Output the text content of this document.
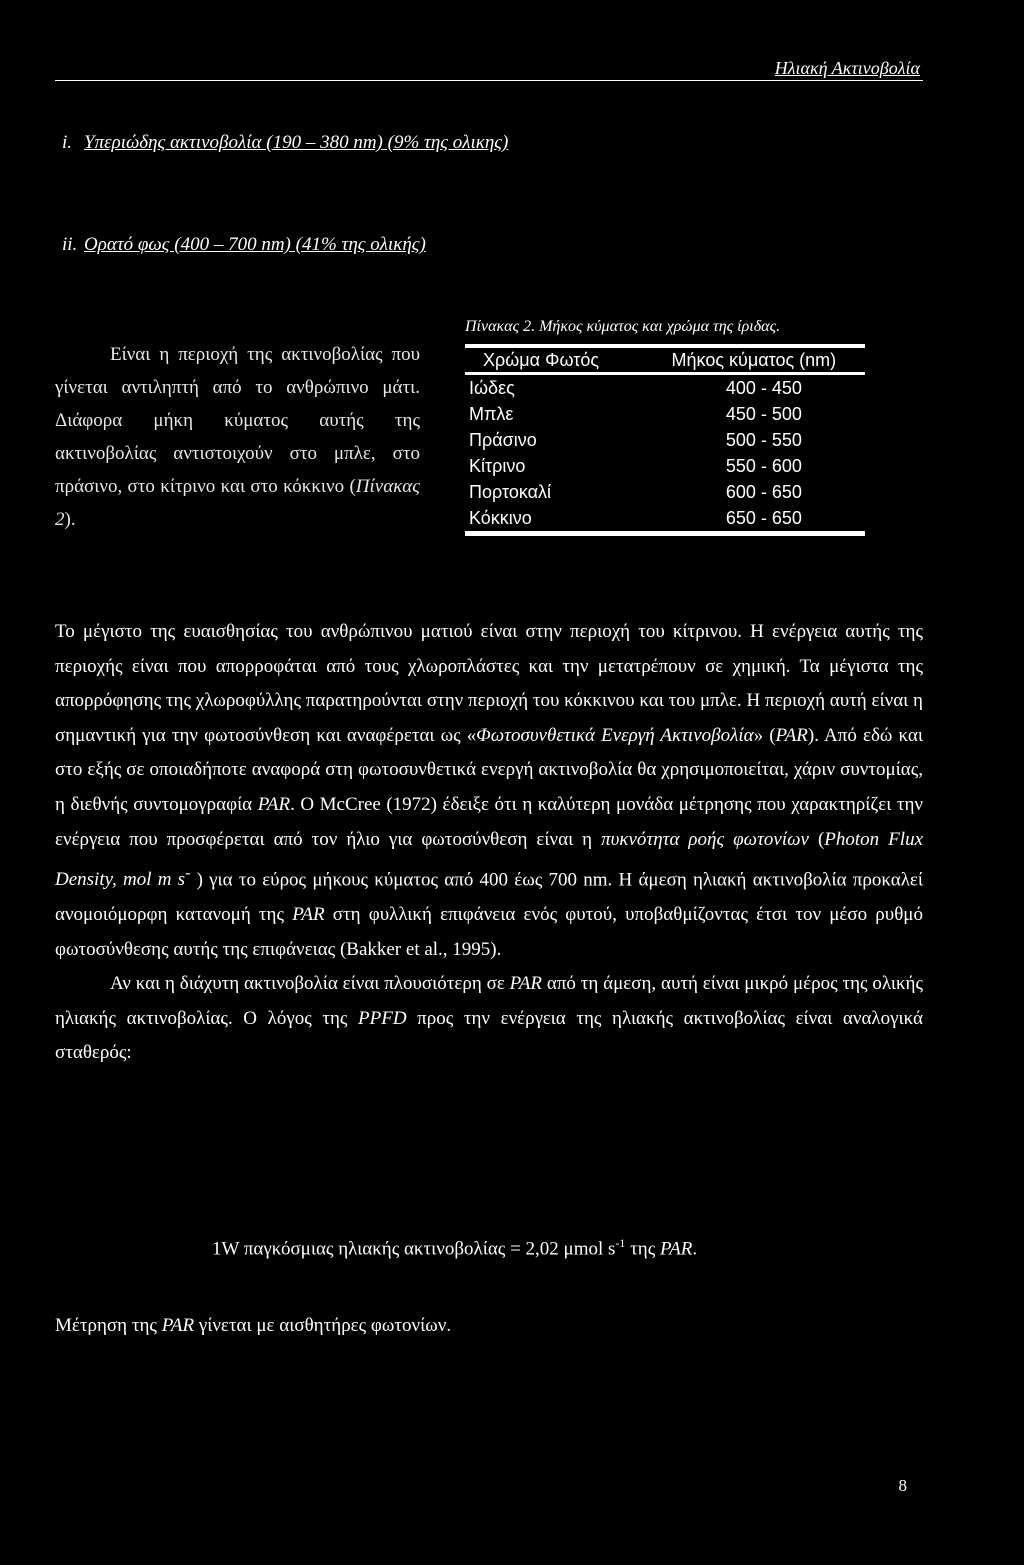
Ηλιακή Ακτινοβολία
i. Υπεριώδης ακτινοβολία (190 – 380 nm) (9% της ολικης)
ii. Ορατό φως (400 – 700 nm) (41% της ολικής)

Είναι η περιοχή της ακτινοβολίας που γίνεται αντιληπτή από το ανθρώπινο μάτι. Διάφορα μήκη κύματος αυτής της ακτινοβολίας αντιστοιχούν στο μπλε, στο πράσινο, στο κίτρινο και στο κόκκινο (Πίνακας 2).

Πίνακας 2. Μήκος κύματος και χρώμα της ίριδας.
Χρώμα Φωτός	Μήκος κύματος (nm)
Ιώδες	400 - 450
Μπλε	450 - 500
Πράσινο	500 - 550
Κίτρινο	550 - 600
Πορτοκαλί	600 - 650
Κόκκινο	650 - 650

Το μέγιστο της ευαισθησίας του ανθρώπινου ματιού είναι στην περιοχή του κίτρινου. Η ενέργεια αυτής της περιοχής είναι που απορροφάται από τους χλωροπλάστες και την μετατρέπουν σε χημική. Τα μέγιστα της απορρόφησης της χλωροφύλλης παρατηρούνται στην περιοχή του κόκκινου και του μπλε. Η περιοχή αυτή είναι η σημαντική για την φωτοσύνθεση και αναφέρεται ως «Φωτοσυνθετικά Ενεργή Ακτινοβολία» (PAR). Από εδώ και στο εξής σε οποιαδήποτε αναφορά στη φωτοσυνθετικά ενεργή ακτινοβολία θα χρησιμοποιείται, χάριν συντομίας, η διεθνής συντομογραφία PAR. Ο McCree (1972) έδειξε ότι η καλύτερη μονάδα μέτρησης που χαρακτηρίζει την ενέργεια που προσφέρεται από τον ήλιο για φωτοσύνθεση είναι η πυκνότητα ροής φωτονίων (Photon Flux Density, mol m s- ) για το εύρος μήκους κύματος από 400 έως 700 nm. Η άμεση ηλιακή ακτινοβολία προκαλεί ανομοιόμορφη κατανομή της PAR στη φυλλική επιφάνεια ενός φυτού, υποβαθμίζοντας έτσι τον μέσο ρυθμό φωτοσύνθεσης αυτής της επιφάνειας (Bakker et al., 1995).

Αν και η διάχυτη ακτινοβολία είναι πλουσιότερη σε PAR από τη άμεση, αυτή είναι μικρό μέρος της ολικής ηλιακής ακτινοβολίας. Ο λόγος της PPFD προς την ενέργεια της ηλιακής ακτινοβολίας είναι αναλογικά σταθερός:

1W παγκόσμιας ηλιακής ακτινοβολίας = 2,02 μmol $s^{-1}$ της PAR.
Μέτρηση της PAR γίνεται με αισθητήρες φωτονίων.
8
